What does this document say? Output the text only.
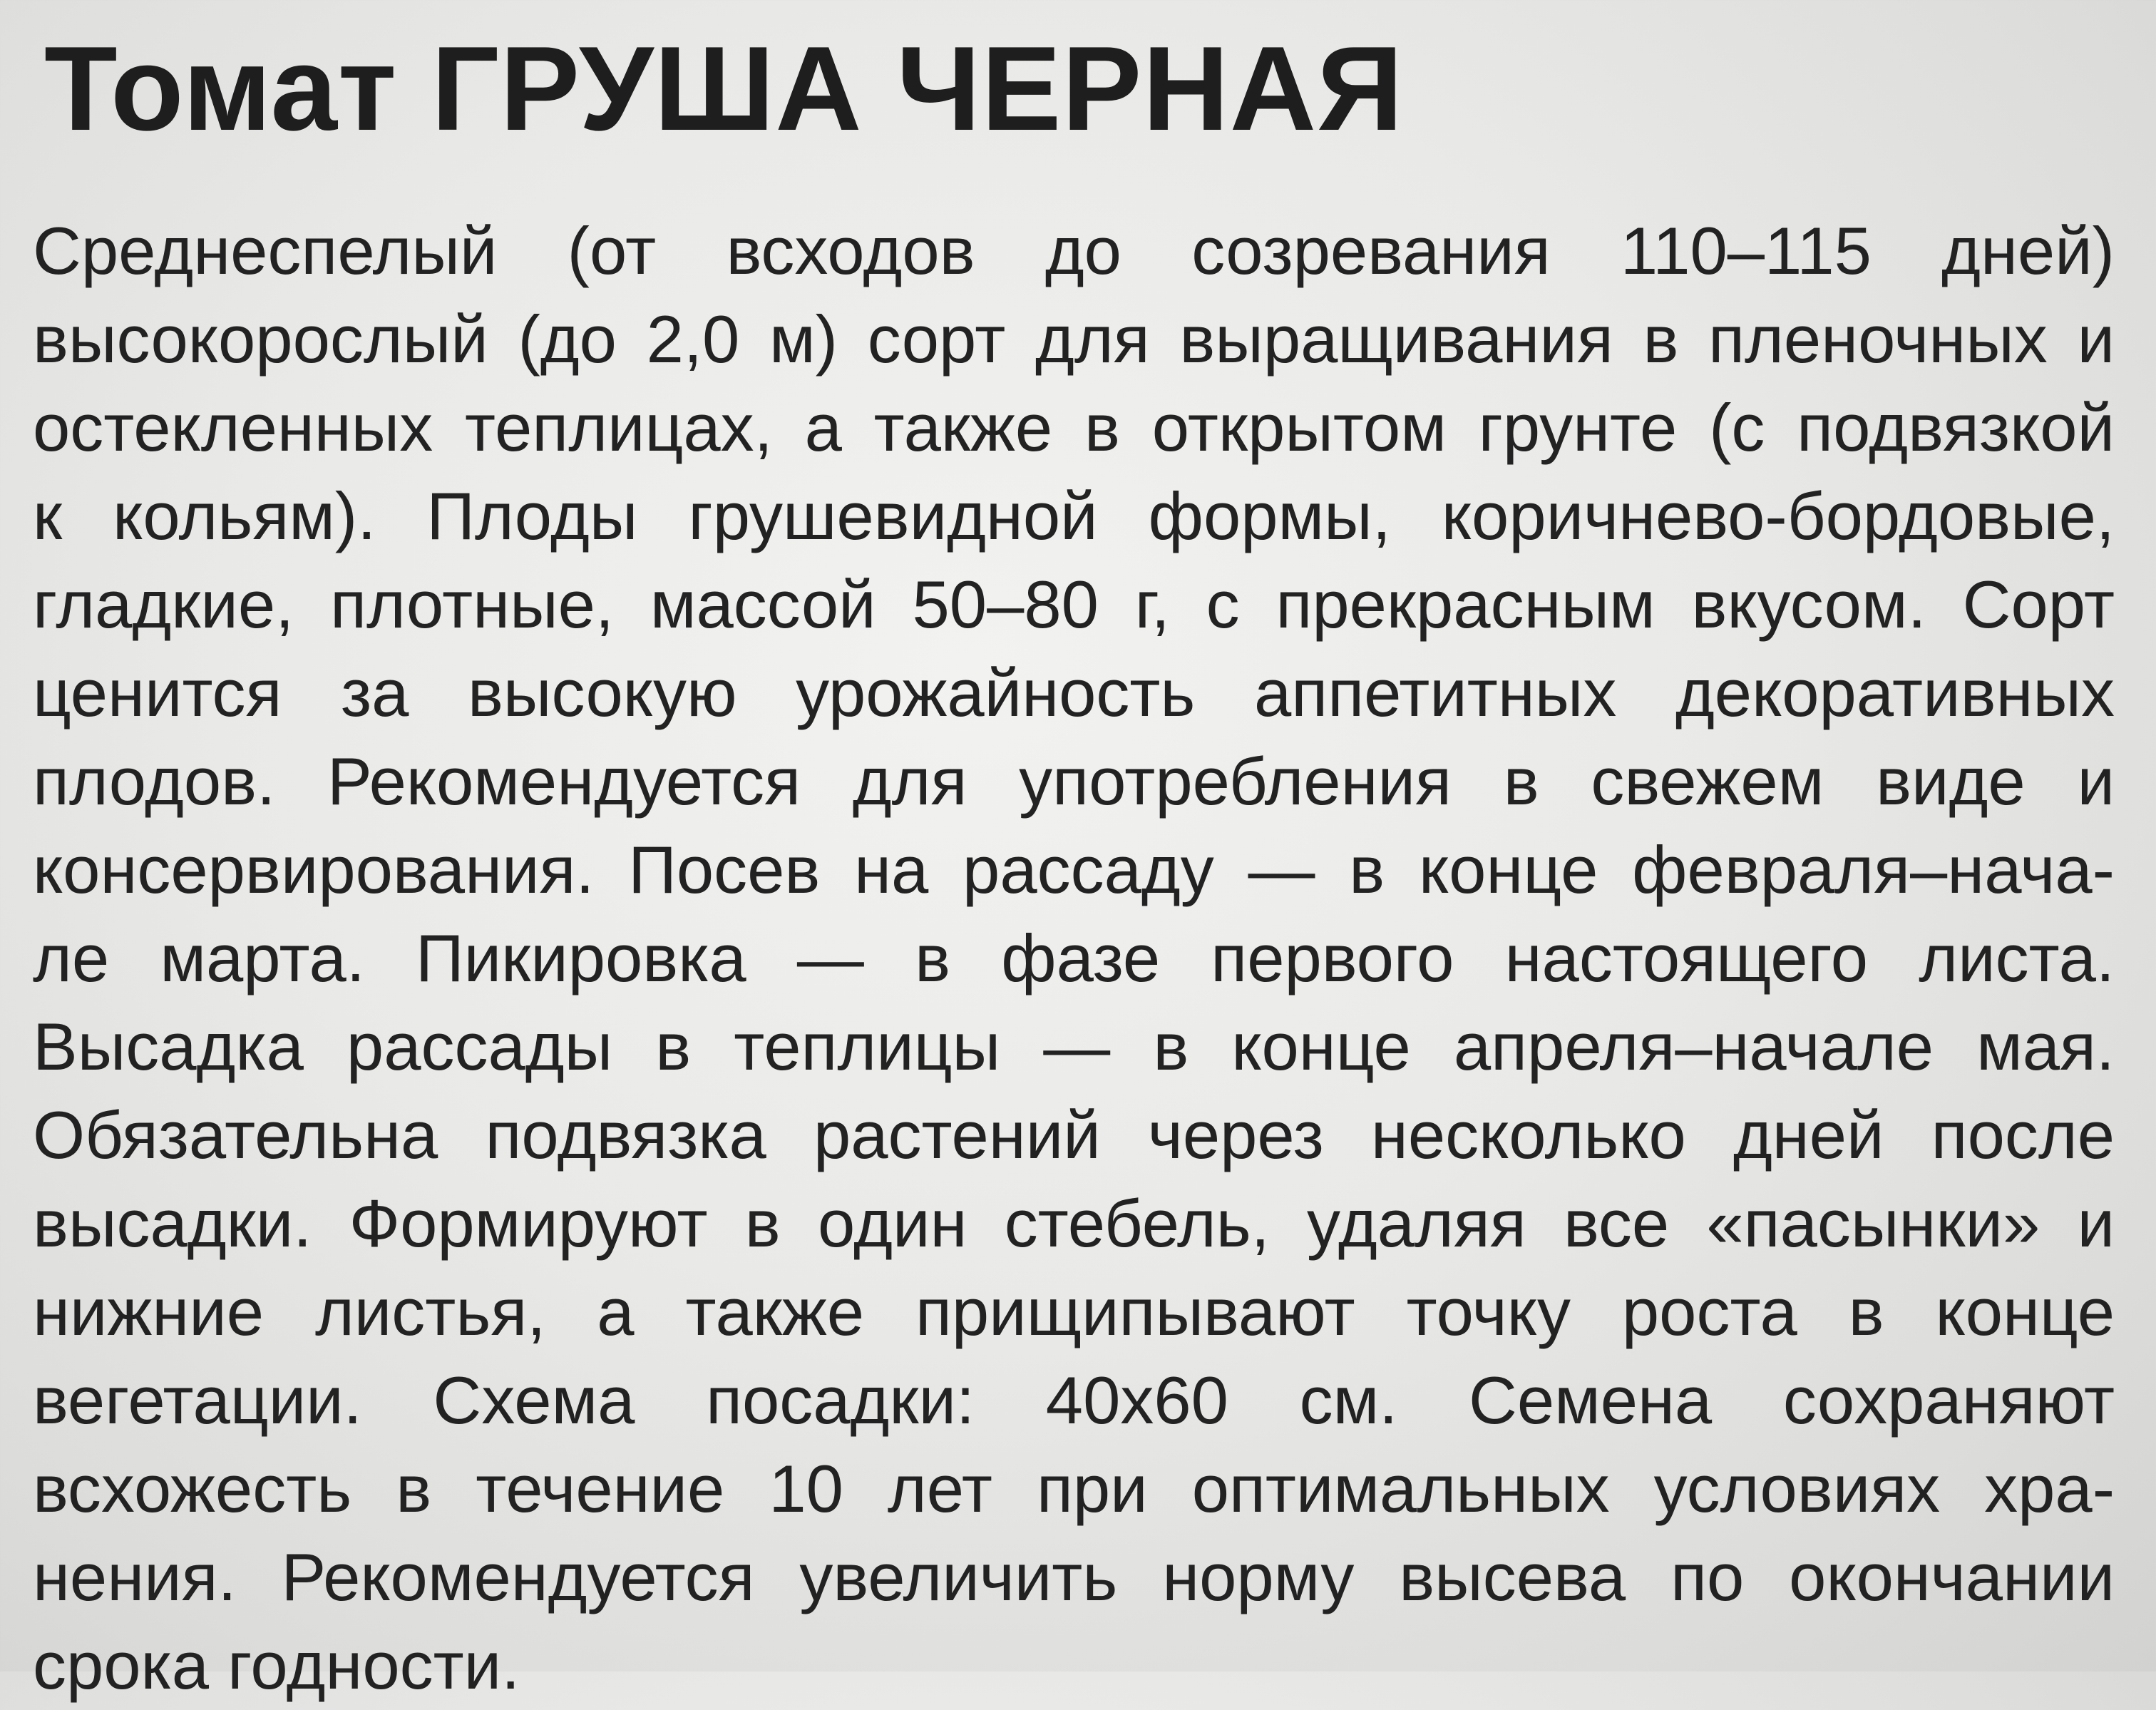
Томат ГРУША ЧЕРНАЯ
Среднеспелый (от всходов до созревания 110–115 дней)
высокорослый (до 2,0 м) сорт для выращивания в пленочных и
остекленных теплицах, а также в открытом грунте (с подвязкой
к кольям). Плоды грушевидной формы, коричнево-бордовые,
гладкие, плотные, массой 50–80 г, с прекрасным вкусом. Сорт
ценится за высокую урожайность аппетитных декоративных
плодов. Рекомендуется для употребления в свежем виде и
консервирования. Посев на рассаду — в конце февраля–нача-
ле марта. Пикировка — в фазе первого настоящего листа.
Высадка рассады в теплицы — в конце апреля–начале мая.
Обязательна подвязка растений через несколько дней после
высадки. Формируют в один стебель, удаляя все «пасынки» и
нижние листья, а также прищипывают точку роста в конце
вегетации. Схема посадки: 40х60 см. Семена сохраняют
всхожесть в течение 10 лет при оптимальных условиях хра-
нения. Рекомендуется увеличить норму высева по окончании
срока годности.
